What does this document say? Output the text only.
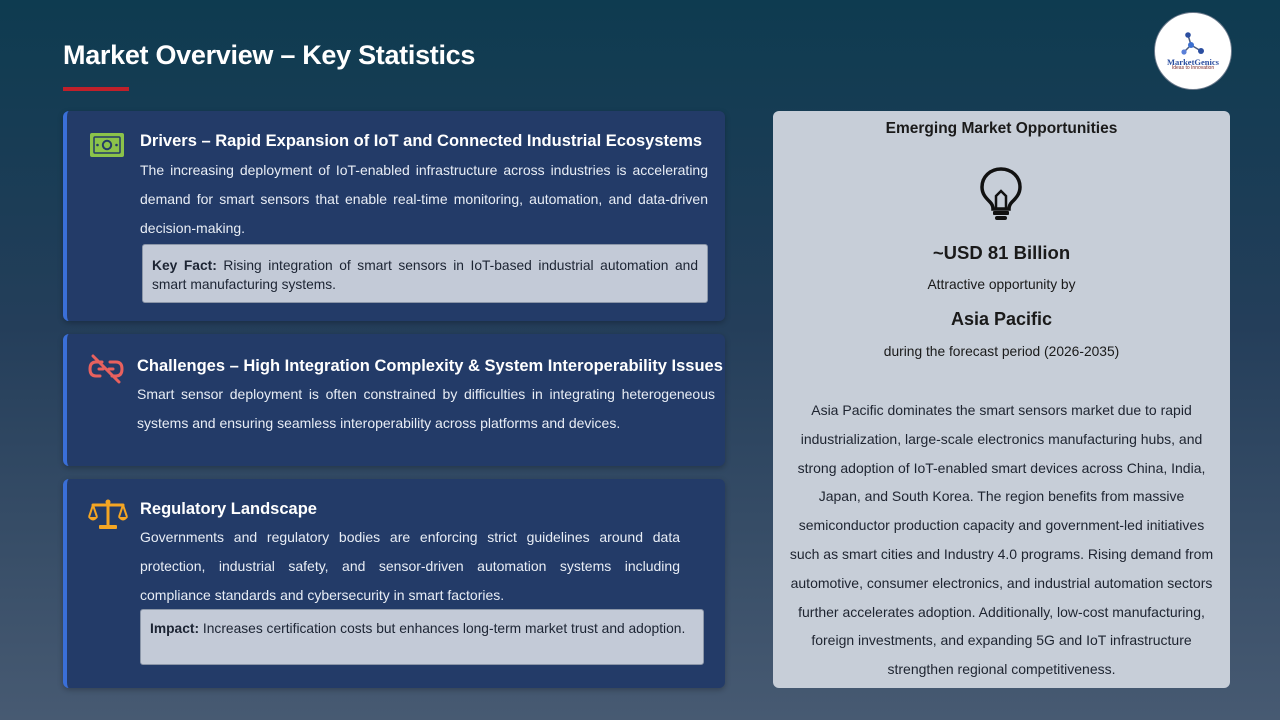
Market Overview – Key Statistics	MarketGenics
Ideas to Innovation
Drivers – Rapid Expansion of IoT and Connected Industrial Ecosystems

The increasing deployment of IoT-enabled infrastructure across industries is accelerating demand for smart sensors that enable real-time monitoring, automation, and data-driven decision-making.

Key Fact: Rising integration of smart sensors in IoT-based industrial automation and smart manufacturing systems.
Challenges – High Integration Complexity & System Interoperability Issues

Smart sensor deployment is often constrained by difficulties in integrating heterogeneous systems and ensuring seamless interoperability across platforms and devices.

Regulatory Landscape

Governments and regulatory bodies are enforcing strict guidelines around data protection, industrial safety, and sensor-driven automation systems including compliance standards and cybersecurity in smart factories.

Impact: Increases certification costs but enhances long-term market trust and adoption.
Emerging Market Opportunities

~USD 81 Billion

Attractive opportunity by

Asia Pacific

during the forecast period (2026-2035)

Asia Pacific dominates the smart sensors market due to rapid industrialization, large-scale electronics manufacturing hubs, and strong adoption of IoT-enabled smart devices across China, India, Japan, and South Korea. The region benefits from massive semiconductor production capacity and government-led initiatives such as smart cities and Industry 4.0 programs. Rising demand from automotive, consumer electronics, and industrial automation sectors further accelerates adoption. Additionally, low-cost manufacturing, foreign investments, and expanding 5G and IoT infrastructure strengthen regional competitiveness.
